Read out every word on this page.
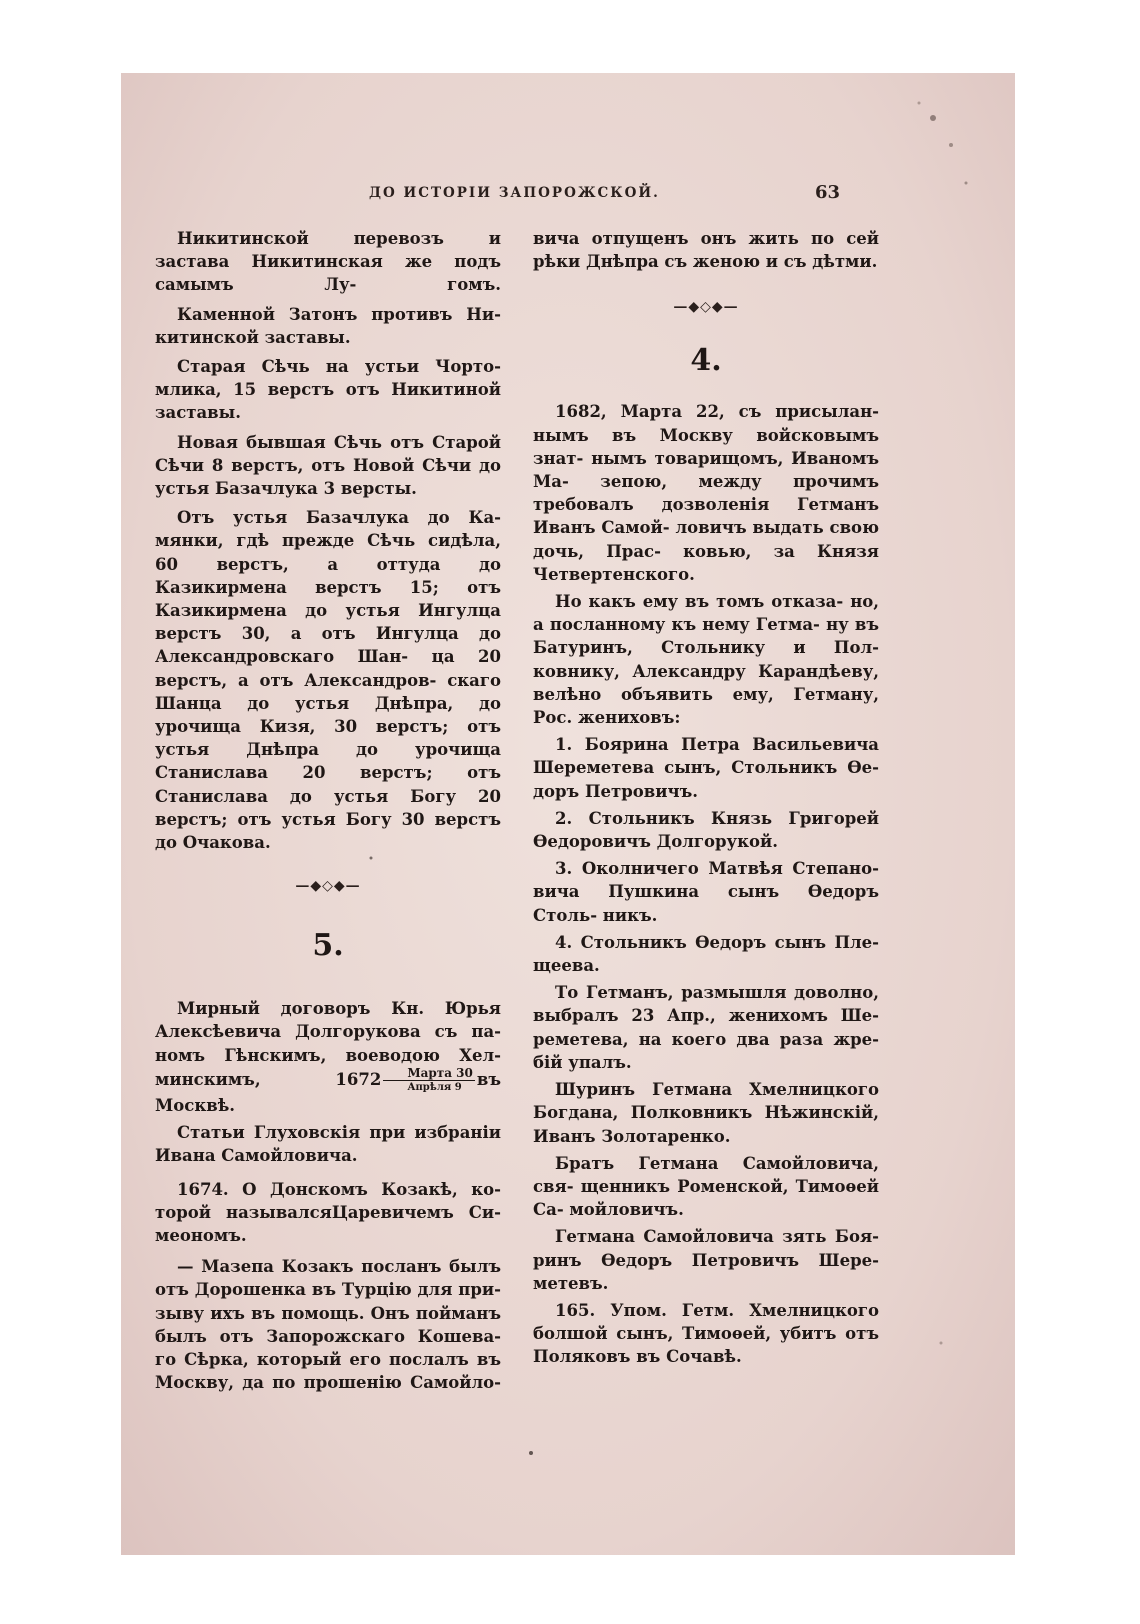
ДО ИСТОРІИ ЗАПОРОЖСКОЙ.	63

Никитинской перевозъ и застава Никитинская же подъ самымъ Лу-	гомъ.

Каменной Затонъ противъ Ни- китинской заставы.

Старая Сѣчь на устьи Чорто- млика, 15 верстъ отъ Никитиной заставы.

Новая бывшая Сѣчь отъ Старой Сѣчи 8 верстъ, отъ Новой Сѣчи до устья Базачлука 3 версты.

Отъ устья Базачлука до Ка- мянки, гдѣ прежде Сѣчь сидѣла, 60 верстъ, а оттуда до Казикирмена верстъ 15; отъ Казикирмена до устья Ингулца верстъ 30, а отъ Ингулца до Александровскаго Шан- ца 20 верстъ, а отъ Александров- скаго Шанца до устья Днѣпра, до урочища Кизя, 30 верстъ; отъ устья Днѣпра до урочища Станислава 20 верстъ; отъ Станислава до устья Богу 20 верстъ; отъ устья Богу 30 верстъ до Очакова.

—◆◇◆—
5.

Мирный договоръ Кн. Юрья Алексѣевича Долгорукова съ па- номъ Гѣнскимъ, воеводою Хел- минскимъ, $1672 \frac{\text{Марта 30}}{\text{Апрѣля 9}}$ въ Москвѣ.

Статьи Глуховскія при избраніи Ивана Самойловича.

1674. О Донскомъ Козакѣ, ко- торой называлсяЦаревичемъ Си- меономъ.

— Мазепа Козакъ посланъ былъ отъ Дорошенка въ Турцію для при- зыву ихъ въ помощь. Онъ пойманъ былъ отъ Запорожскаго Кошева- го Сѣрка, который его послалъ въ Москву, да по прошенію Самойло-

вича отпущенъ онъ жить по сей рѣки Днѣпра съ женою и съ дѣтми.

—◆◇◆—
4.

1682, Марта 22, съ присылан- нымъ въ Москву войсковымъ знат- нымъ товарищомъ, Иваномъ Ма- зепою, между прочимъ требовалъ дозволенія Гетманъ Иванъ Самой- ловичъ выдать свою дочь, Прас- ковью, за Князя Четвертенского.

Но какъ ему въ томъ отказа- но, а посланному къ нему Гетма- ну въ Батуринъ, Стольнику и Пол- ковнику, Александру Карандѣеву, велѣно объявить ему, Гетману, Рос. жениховъ:

1. Боярина Петра Васильевича Шереметева сынъ, Стольникъ Ѳе- доръ Петровичъ.

2. Стольникъ Князь Григорей Ѳедоровичъ Долгорукой.

3. Околничего Матвѣя Степано- вича Пушкина сынъ Ѳедоръ Столь- никъ.

4. Стольникъ Ѳедоръ сынъ Пле- щеева.

То Гетманъ, размышля доволно, выбралъ 23 Апр., женихомъ Ше- реметева, на коего два раза жре- бій упалъ.

Шуринъ Гетмана Хмелницкого Богдана, Полковникъ Нѣжинскій, Иванъ Золотаренко.

Братъ Гетмана Самойловича, свя- щенникъ Роменской, Тимоѳей Са- мойловичъ.

Гетмана Самойловича зять Боя- ринъ Ѳедоръ Петровичъ Шере- метевъ.

165. Упом. Гетм. Хмелницкого болшой сынъ, Тимоѳей, убитъ отъ Поляковъ въ Сочавѣ.
